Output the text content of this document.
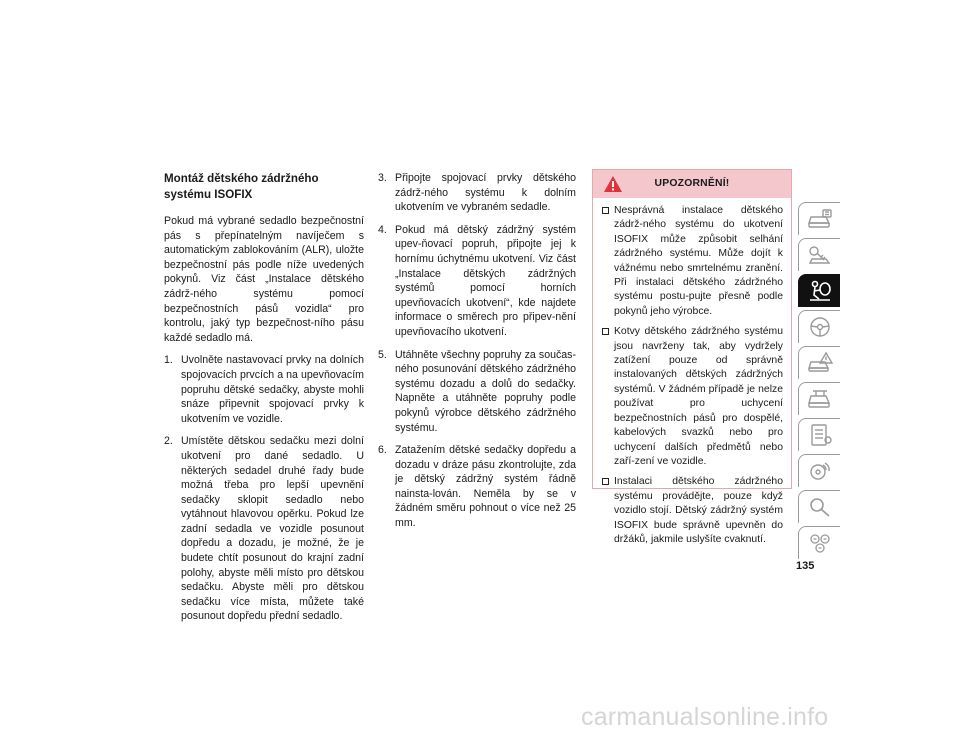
Montáž dětského zádržného systému ISOFIX

Pokud má vybrané sedadlo bezpečnostní pás s přepínatelným navíječem s automatickým zablokováním (ALR), uložte bezpečnostní pás podle níže uvedených pokynů. Viz část „Instalace dětského zádrž-ného systému pomocí bezpečnostních pásů vozidla“ pro kontrolu, jaký typ bezpečnost-ního pásu každé sedadlo má.

1. Uvolněte nastavovací prvky na dolních spojovacích prvcích a na upevňovacím popruhu dětské sedačky, abyste mohli snáze připevnit spojovací prvky k ukotvením ve vozidle.
2. Umístěte dětskou sedačku mezi dolní ukotvení pro dané sedadlo. U některých sedadel druhé řady bude možná třeba pro lepší upevnění sedačky sklopit sedadlo nebo vytáhnout hlavovou opěrku. Pokud lze zadní sedadla ve vozidle posunout dopředu a dozadu, je možné, že je budete chtít posunout do krajní zadní polohy, abyste měli místo pro dětskou sedačku. Abyste měli pro dětskou sedačku více místa, můžete také posunout dopředu přední sedadlo.
3. Připojte spojovací prvky dětského zádrž-ného systému k dolním ukotvením ve vybraném sedadle.
4. Pokud má dětský zádržný systém upev-ňovací popruh, připojte jej k hornímu úchytnému ukotvení. Viz část „Instalace dětských zádržných systémů pomocí horních upevňovacích ukotvení“, kde najdete informace o směrech pro připev-nění upevňovacího ukotvení.
5. Utáhněte všechny popruhy za součas-ného posunování dětského zádržného systému dozadu a dolů do sedačky. Napněte a utáhněte popruhy podle pokynů výrobce dětského zádržného systému.
6. Zatažením dětské sedačky dopředu a dozadu v dráze pásu zkontrolujte, zda je dětský zádržný systém řádně nainsta-lován. Neměla by se v žádném směru pohnout o více než 25 mm.
UPOZORNĚNÍ!
Nesprávná instalace dětského zádrž-ného systému do ukotvení ISOFIX může způsobit selhání zádržného systému. Může dojít k vážnému nebo smrtelnému zranění. Při instalaci dětského zádržného systému postu-pujte přesně podle pokynů jeho výrobce.
Kotvy dětského zádržného systému jsou navrženy tak, aby vydržely zatížení pouze od správně instalovaných dětských zádržných systémů. V žádném případě je nelze používat pro uchycení bezpečnostních pásů pro dospělé, kabelových svazků nebo pro uchycení dalších předmětů nebo zaří-zení ve vozidle.
Instalaci dětského zádržného systému provádějte, pouze když vozidlo stojí. Dětský zádržný systém ISOFIX bude správně upevněn do držáků, jakmile uslyšíte cvaknutí.
135
carmanualsonline.info
